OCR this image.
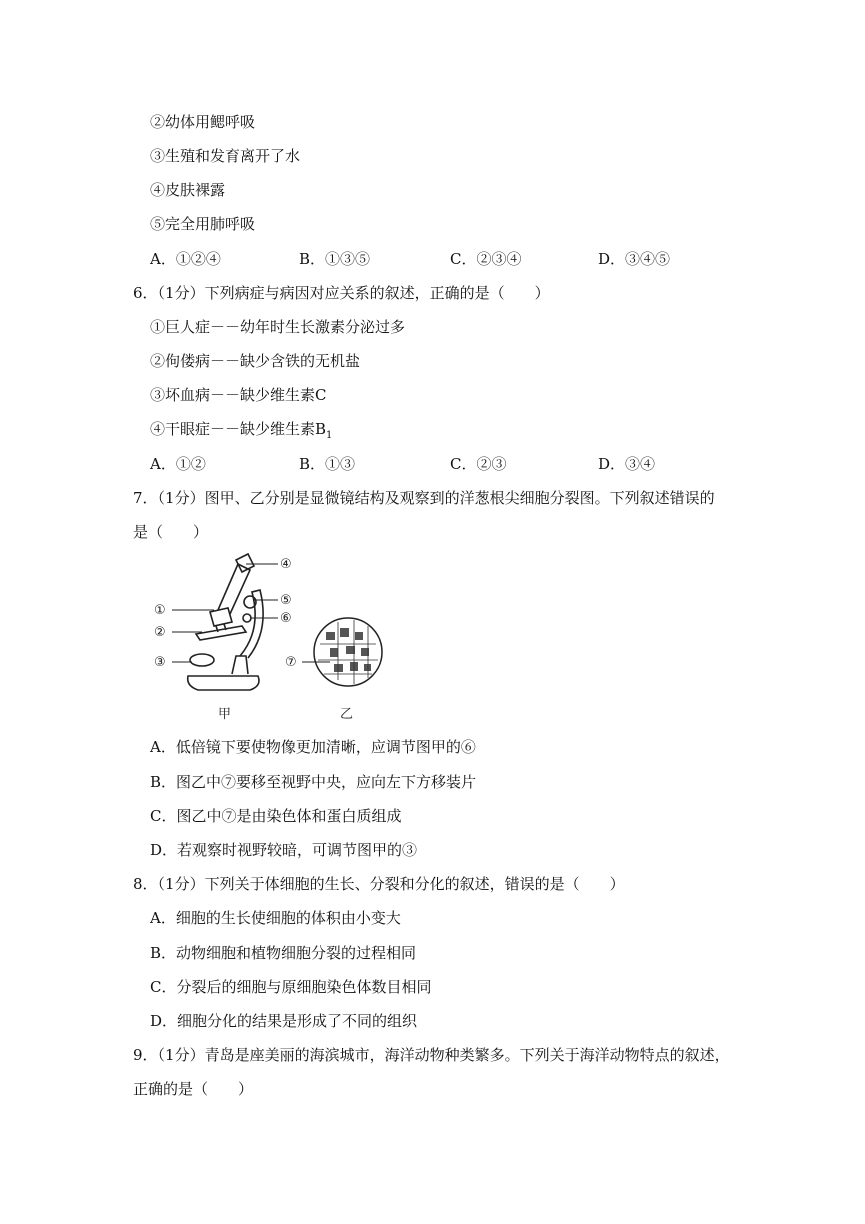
②幼体用鳃呼吸
③生殖和发育离开了水
④皮肤裸露
⑤完全用肺呼吸
A．①②④	B．①③⑤	C．②③④	D．③④⑤
6．（1分）下列病症与病因对应关系的叙述，正确的是（　　）
①巨人症－－幼年时生长激素分泌过多
②佝偻病－－缺少含铁的无机盐
③坏血病－－缺少维生素C
④干眼症－－缺少维生素$B_1$
A．①②	B．①③	C．②③	D．③④
7．（1分）图甲、乙分别是显微镜结构及观察到的洋葱根尖细胞分裂图。下列叙述错误的
是（　　）
①
②
③
④
⑤
⑥
⑦
甲	乙
A．低倍镜下要使物像更加清晰，应调节图甲的⑥
B．图乙中⑦要移至视野中央，应向左下方移装片
C．图乙中⑦是由染色体和蛋白质组成
D．若观察时视野较暗，可调节图甲的③
8．（1分）下列关于体细胞的生长、分裂和分化的叙述，错误的是（　　）
A．细胞的生长使细胞的体积由小变大
B．动物细胞和植物细胞分裂的过程相同
C．分裂后的细胞与原细胞染色体数目相同
D．细胞分化的结果是形成了不同的组织
9．（1分）青岛是座美丽的海滨城市，海洋动物种类繁多。下列关于海洋动物特点的叙述，
正确的是（　　）
